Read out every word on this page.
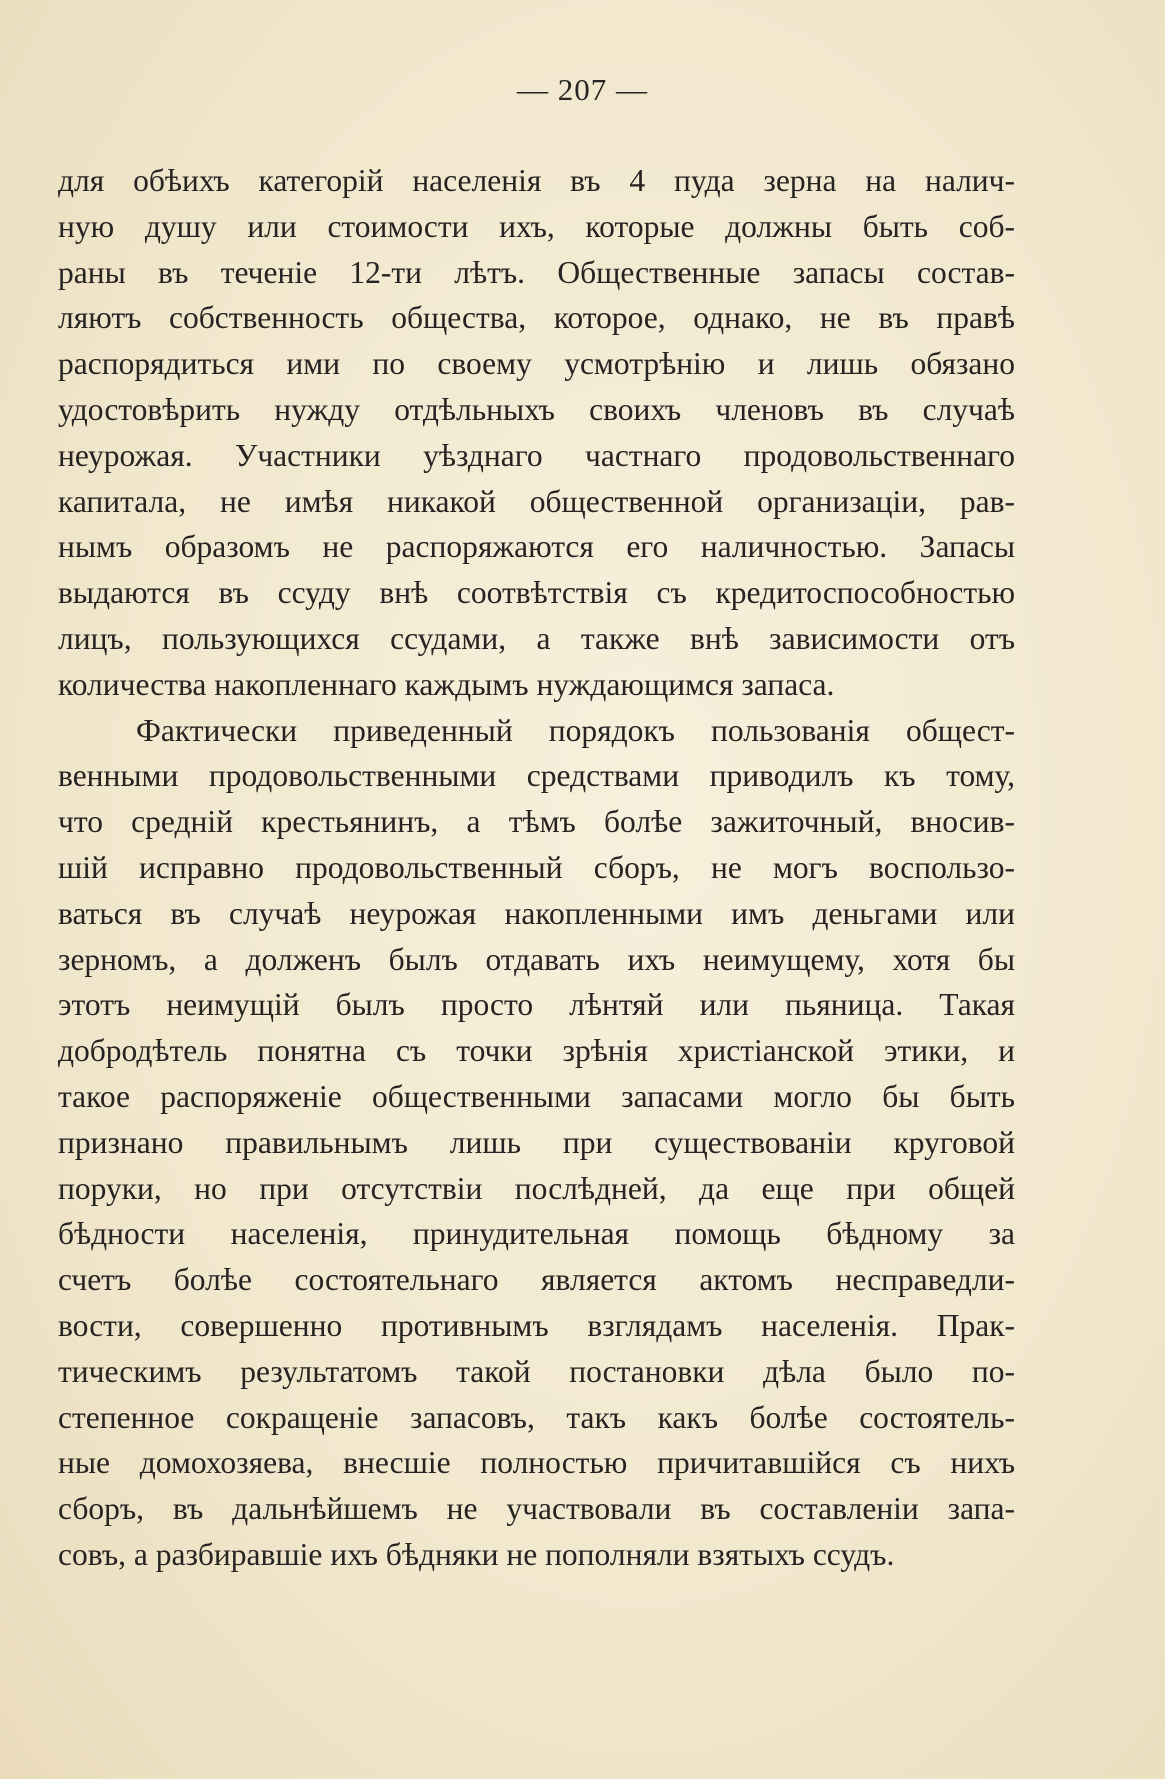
— 207 —
для обѣихъ категорій населенія въ 4 пуда зерна на налич-
ную душу или стоимости ихъ, которые должны быть соб-
раны въ теченіе 12-ти лѣтъ. Общественные запасы состав-
ляютъ собственность общества, которое, однако, не въ правѣ
распорядиться ими по своему усмотрѣнію и лишь обязано
удостовѣрить нужду отдѣльныхъ своихъ членовъ въ случаѣ
неурожая. Участники уѣзднаго частнаго продовольственнаго
капитала, не имѣя никакой общественной организаціи, рав-
нымъ образомъ не распоряжаются его наличностью. Запасы
выдаются въ ссуду внѣ соотвѣтствія съ кредитоспособностью
лицъ, пользующихся ссудами, а также внѣ зависимости отъ
количества накопленнаго каждымъ нуждающимся запаса.
Фактически приведенный порядокъ пользованія общест-
венными продовольственными средствами приводилъ къ тому,
что среднiй крестьянинъ, а тѣмъ болѣе зажиточный, вносив-
шiй исправно продовольственный сборъ, не могъ воспользо-
ваться въ случаѣ неурожая накопленными имъ деньгами или
зерномъ, а долженъ былъ отдавать ихъ неимущему, хотя бы
этотъ неимущiй былъ просто лѣнтяй или пьяница. Такая
добродѣтель понятна съ точки зрѣнія христіанской этики, и
такое распоряженіе общественными запасами могло бы быть
признано правильнымъ лишь при существованіи круговой
поруки, но при отсутствіи послѣдней, да еще при общей
бѣдности населенія, принудительная помощь бѣдному за
счетъ болѣе состоятельнаго является актомъ несправедли-
вости, совершенно противнымъ взглядамъ населенія. Прак-
тическимъ результатомъ такой постановки дѣла было по-
степенное сокращеніе запасовъ, такъ какъ болѣе состоятель-
ные домохозяева, внесшіе полностью причитавшійся съ нихъ
сборъ, въ дальнѣйшемъ не участвовали въ составленіи запа-
совъ, а разбиравшіе ихъ бѣдняки не пополняли взятыхъ ссудъ.
